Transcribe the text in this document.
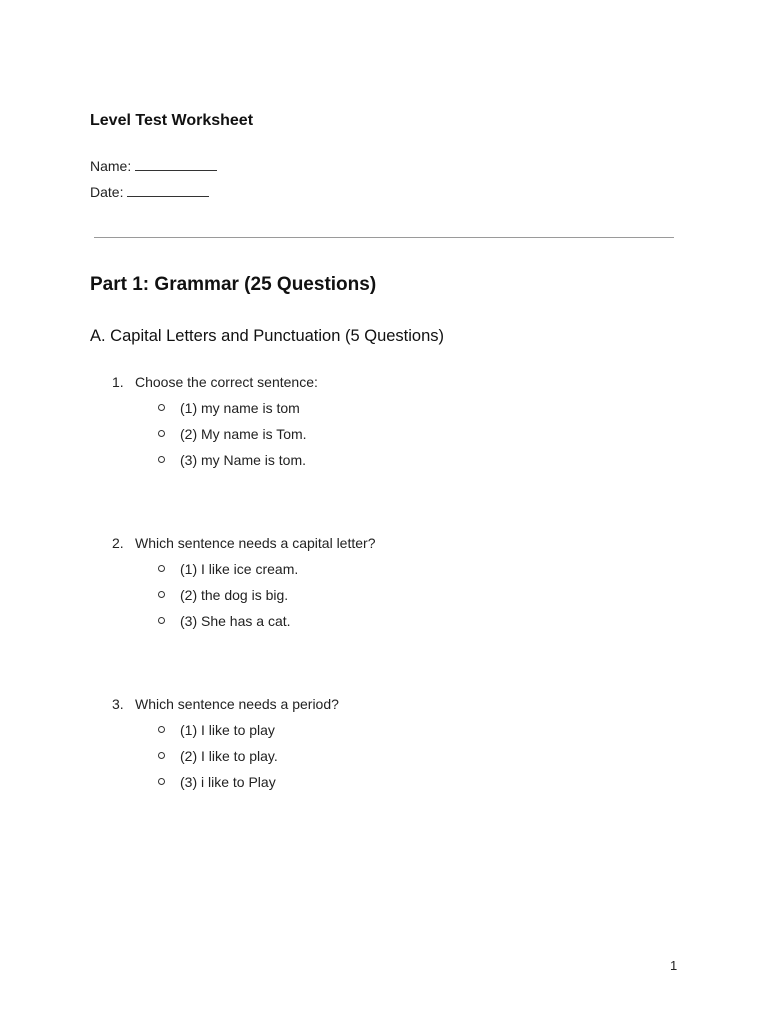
Level Test Worksheet
Name:
Date:
Part 1: Grammar (25 Questions)
A. Capital Letters and Punctuation (5 Questions)
1. Choose the correct sentence:
(1) my name is tom
(2) My name is Tom.
(3) my Name is tom.
2. Which sentence needs a capital letter?
(1) I like ice cream.
(2) the dog is big.
(3) She has a cat.
3. Which sentence needs a period?
(1) I like to play
(2) I like to play.
(3) i like to Play
1
